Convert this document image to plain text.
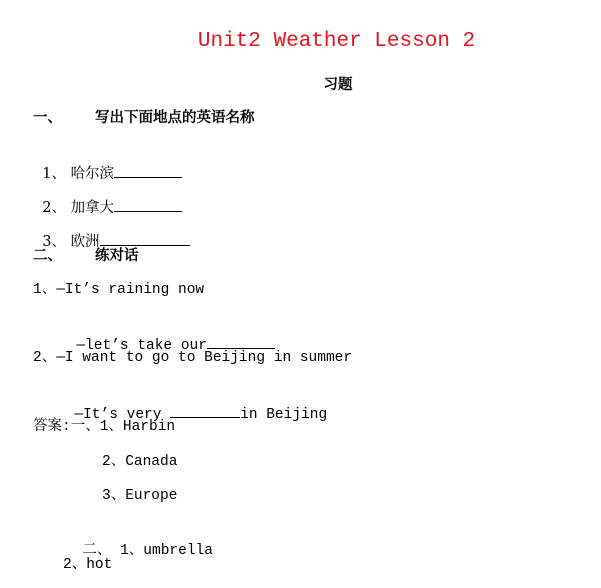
Unit2 Weather Lesson 2
习题
一、 写出下面地点的英语名称

1、 哈尔滨

2、 加拿大

3、 欧洲

二、 练对话
1、—It’s raining now

—let’s take our

2、—I want to go to Beijing in summer

—It’s very	in Beijing

答案:一、1、Harbin
2、Canada
3、Europe

二、 1、umbrella

2、hot
